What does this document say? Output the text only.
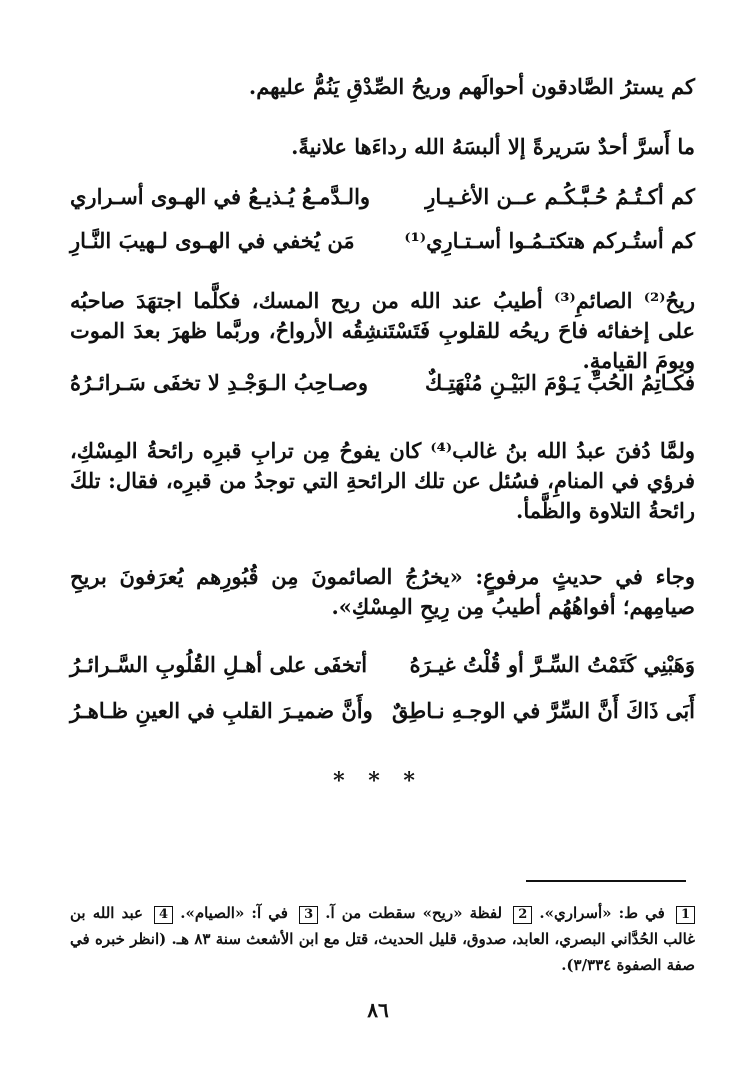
كم يسترُ الصَّادقون أحوالَهم وريحُ الصِّدْقِ يَنُمُّ عليهم.
ما أَسرَّ أحدٌ سَريرةً إلا ألبسَهُ الله رداءَها علانيةً.
كم أكـتُـمُ حُـبَّـكُـم عــن الأغـيـارِ
والـدَّمـعُ يُـذيـعُ في الهـوى أسـراري
كم أستُـركم هتكتـمُـوا أسـتـارِي⁽¹⁾
مَن يُخفي في الهـوى لـهيبَ النَّـارِ
ريحُ⁽²⁾ الصائمِ⁽³⁾ أطيبُ عند الله من ريح المسك، فكلَّما اجتهَدَ صاحبُه على إخفائه فاحَ ريحُه للقلوبِ فَتَسْتَنشِقُه الأرواحُ، وربَّما ظهرَ بعدَ الموت ويومَ القيامةِ.
فكـاتِمُ الحُبِّ يَـوْمَ البَيْـنِ مُنْهَتِـكٌ
وصـاحِبُ الـوَجْـدِ لا تخفَى سَـرائـرُهُ
ولمَّا دُفنَ عبدُ الله بنُ غالب⁽⁴⁾ كان يفوحُ مِن ترابِ قبرِه رائحةُ المِسْكِ، فرؤي في المنامِ، فسُئل عن تلك الرائحةِ التي توجدُ من قبرِه، فقال: تلكَ رائحةُ التلاوة والظَّمأ.
وجاء في حديثٍ مرفوعٍ: «يخرُجُ الصائمونَ مِن قُبُورِهم يُعرَفونَ بريحِ صيامِهم؛ أفواهُهُم أطيبُ مِن رِيحِ المِسْكِ».
وَهَبْنِي كَتَمْتُ السِّـرَّ أو قُلْتُ غيـرَهُ
أتخفَى على أهـلِ القُلُوبِ السَّـرائـرُ
أَبَى ذَاكَ أَنَّ السِّرَّ في الوجـهِ نـاطِقٌ
وأَنَّ ضميـرَ القلبِ في العينِ ظـاهـرُ
* * *
1 في ط: «أسراري». 2 لفظة «ريح» سقطت من آ. 3 في آ: «الصيام». 4 عبد الله بن غالب الحُدَّاني البصري، العابد، صدوق، قليل الحديث، قتل مع ابن الأشعث سنة ٨٣ هـ. (انظر خبره في صفة الصفوة ٣/٣٣٤).
٨٦
